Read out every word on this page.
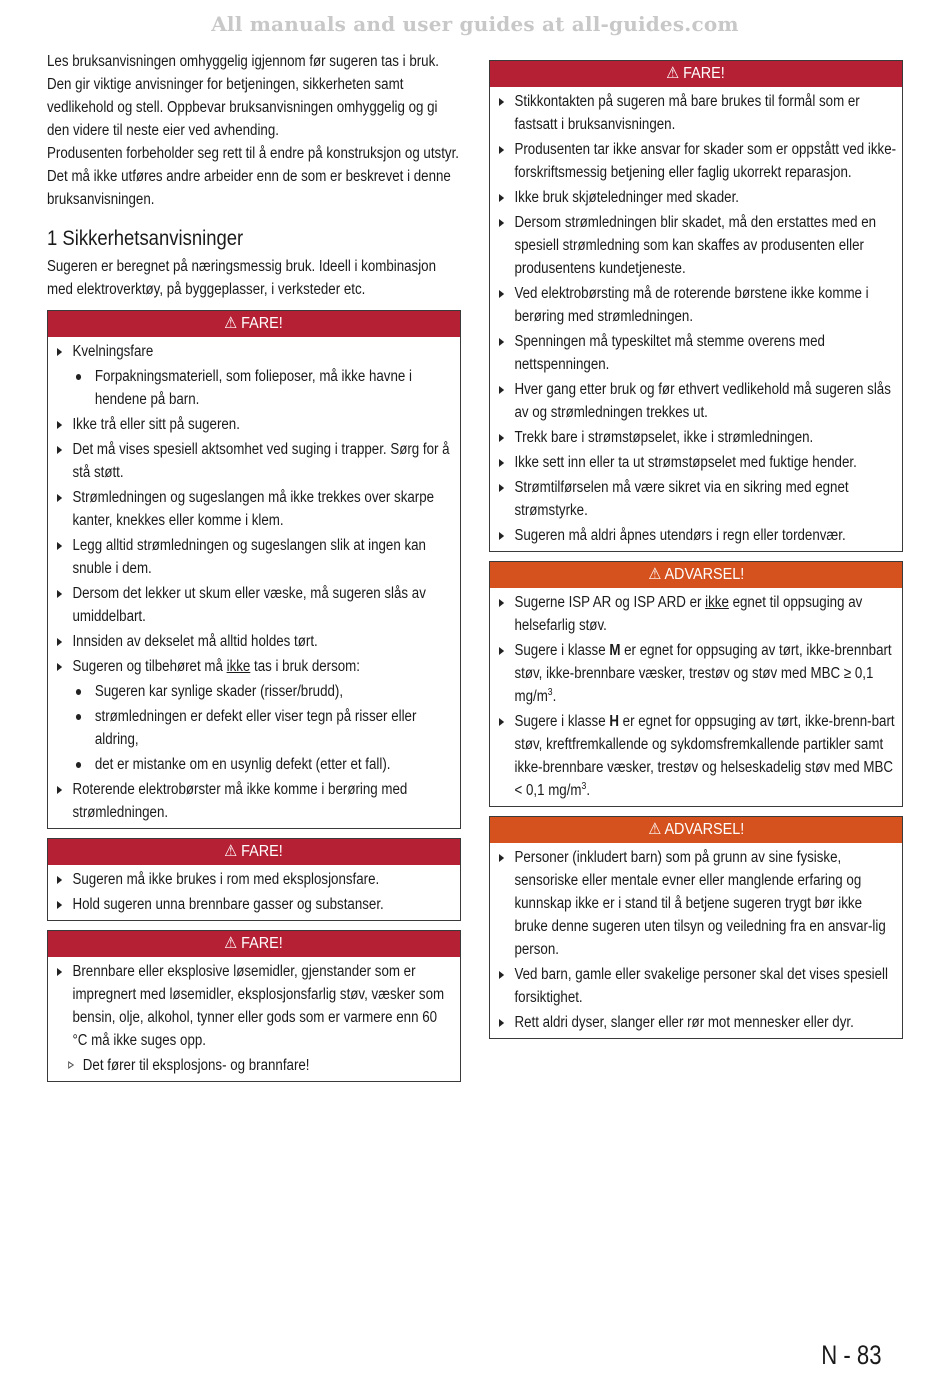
All manuals and user guides at all-guides.com

Les bruksanvisningen omhyggelig igjennom før sugeren tas i bruk. Den gir viktige anvisninger for betjeningen, sikkerheten samt vedlikehold og stell. Oppbevar bruksanvisningen omhyggelig og gi den videre til neste eier ved avhending.

Produsenten forbeholder seg rett til å endre på konstruksjon og utstyr.

Det må ikke utføres andre arbeider enn de som er beskrevet i denne bruksanvisningen.

1 Sikkerhetsanvisninger
Sugeren er beregnet på næringsmessig bruk. Ideell i kombinasjon med elektroverktøy, på byggeplasser, i verksteder etc.
⚠ FARE!
Kvelningsfare
Forpakningsmateriell, som folieposer, må ikke havne i hendene på barn.
Ikke trå eller sitt på sugeren.
Det må vises spesiell aktsomhet ved suging i trapper. Sørg for å stå støtt.
Strømledningen og sugeslangen må ikke trekkes over skarpe kanter, knekkes eller komme i klem.
Legg alltid strømledningen og sugeslangen slik at ingen kan snuble i dem.
Dersom det lekker ut skum eller væske, må sugeren slås av umiddelbart.
Innsiden av dekselet må alltid holdes tørt.
Sugeren og tilbehøret må ikke tas i bruk dersom:
Sugeren kar synlige skader (risser/brudd),
strømledningen er defekt eller viser tegn på risser eller aldring,
det er mistanke om en usynlig defekt (etter et fall).
Roterende elektrobørster må ikke komme i berøring med strømledningen.
⚠ FARE!
Sugeren må ikke brukes i rom med eksplosjonsfare.
Hold sugeren unna brennbare gasser og substanser.
⚠ FARE!
Brennbare eller eksplosive løsemidler, gjenstander som er impregnert med løsemidler, eksplosjonsfarlig støv, væsker som bensin, olje, alkohol, tynner eller gods som er varmere enn 60 °C må ikke suges opp.
Det fører til eksplosjons- og brannfare!
⚠ FARE!
Stikkontakten på sugeren må bare brukes til formål som er fastsatt i bruksanvisningen.
Produsenten tar ikke ansvar for skader som er oppstått ved ikke-forskriftsmessig betjening eller faglig ukorrekt reparasjon.
Ikke bruk skjøteledninger med skader.
Dersom strømledningen blir skadet, må den erstattes med en spesiell strømledning som kan skaffes av produsenten eller produsentens kundetjeneste.
Ved elektrobørsting må de roterende børstene ikke komme i berøring med strømledningen.
Spenningen må typeskiltet må stemme overens med nettspenningen.
Hver gang etter bruk og før ethvert vedlikehold må sugeren slås av og strømledningen trekkes ut.
Trekk bare i strømstøpselet, ikke i strømledningen.
Ikke sett inn eller ta ut strømstøpselet med fuktige hender.
Strømtilførselen må være sikret via en sikring med egnet strømstyrke.
Sugeren må aldri åpnes utendørs i regn eller tordenvær.
⚠ ADVARSEL!
Sugerne ISP AR og ISP ARD er ikke egnet til oppsuging av helsefarlig støv.
Sugere i klasse M er egnet for oppsuging av tørt, ikke-brennbart støv, ikke-brennbare væsker, trestøv og støv med MBC ≥ 0,1 $mg/m^3$.
Sugere i klasse H er egnet for oppsuging av tørt, ikke-brenn-bart støv, kreftfremkallende og sykdomsfremkallende partikler samt ikke-brennbare væsker, trestøv og helseskadelig støv med MBC < 0,1 $mg/m^3$.
⚠ ADVARSEL!
Personer (inkludert barn) som på grunn av sine fysiske, sensoriske eller mentale evner eller manglende erfaring og kunnskap ikke er i stand til å betjene sugeren trygt bør ikke bruke denne sugeren uten tilsyn og veiledning fra en ansvar-lig person.
Ved barn, gamle eller svakelige personer skal det vises spesiell forsiktighet.
Rett aldri dyser, slanger eller rør mot mennesker eller dyr.
N - 83
